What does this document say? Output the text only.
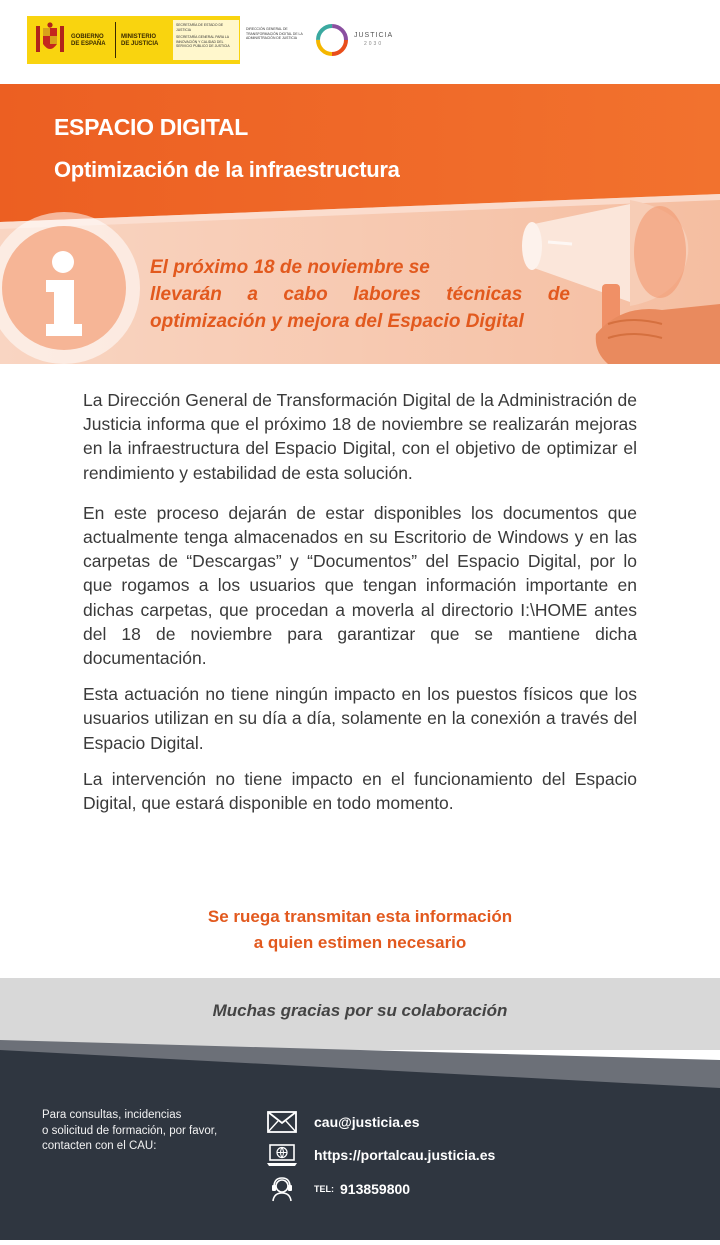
GOBIERNO DE ESPAÑA
MINISTERIO DE JUSTICIA
SECRETARÍA DE ESTADO DE JUSTICIA
SECRETARÍA GENERAL PARA LA INNOVACIÓN Y CALIDAD DEL SERVICIO PÚBLICO DE JUSTICIA
DIRECCIÓN GENERAL DE TRANSFORMACIÓN DIGITAL DE LA ADMINISTRACIÓN DE JUSTICIA	JUSTICIA
2030
ESPACIO DIGITAL
Optimización de la infraestructura
El próximo 18 de noviembre se
llevarán a cabo labores técnicas de
optimización y mejora del Espacio Digital

La Dirección General de Transformación Digital de la Administración de Justicia informa que el próximo 18 de noviembre se realizarán mejoras en la infraestructura del Espacio Digital, con el objetivo de optimizar el rendimiento y estabilidad de esta solución.

En este proceso dejarán de estar disponibles los documentos que actualmente tenga almacenados en su Escritorio de Windows y en las carpetas de “Descargas” y “Documentos” del Espacio Digital, por lo que rogamos a los usuarios que tengan información importante en dichas carpetas, que procedan a moverla al directorio I:\HOME antes del 18 de noviembre para garantizar que se mantiene dicha documentación.

Esta actuación no tiene ningún impacto en los puestos físicos que los usuarios utilizan en su día a día, solamente en la conexión a través del Espacio Digital.

La intervención no tiene impacto en el funcionamiento del Espacio Digital, que estará disponible en todo momento.

Se ruega transmitan esta información
a quien estimen necesario
Muchas gracias por su colaboración
Para consultas, incidencias
o solicitud de formación, por favor,
contacten con el CAU:
cau@justicia.es
https://portalcau.justicia.es
TEL: 913859800
